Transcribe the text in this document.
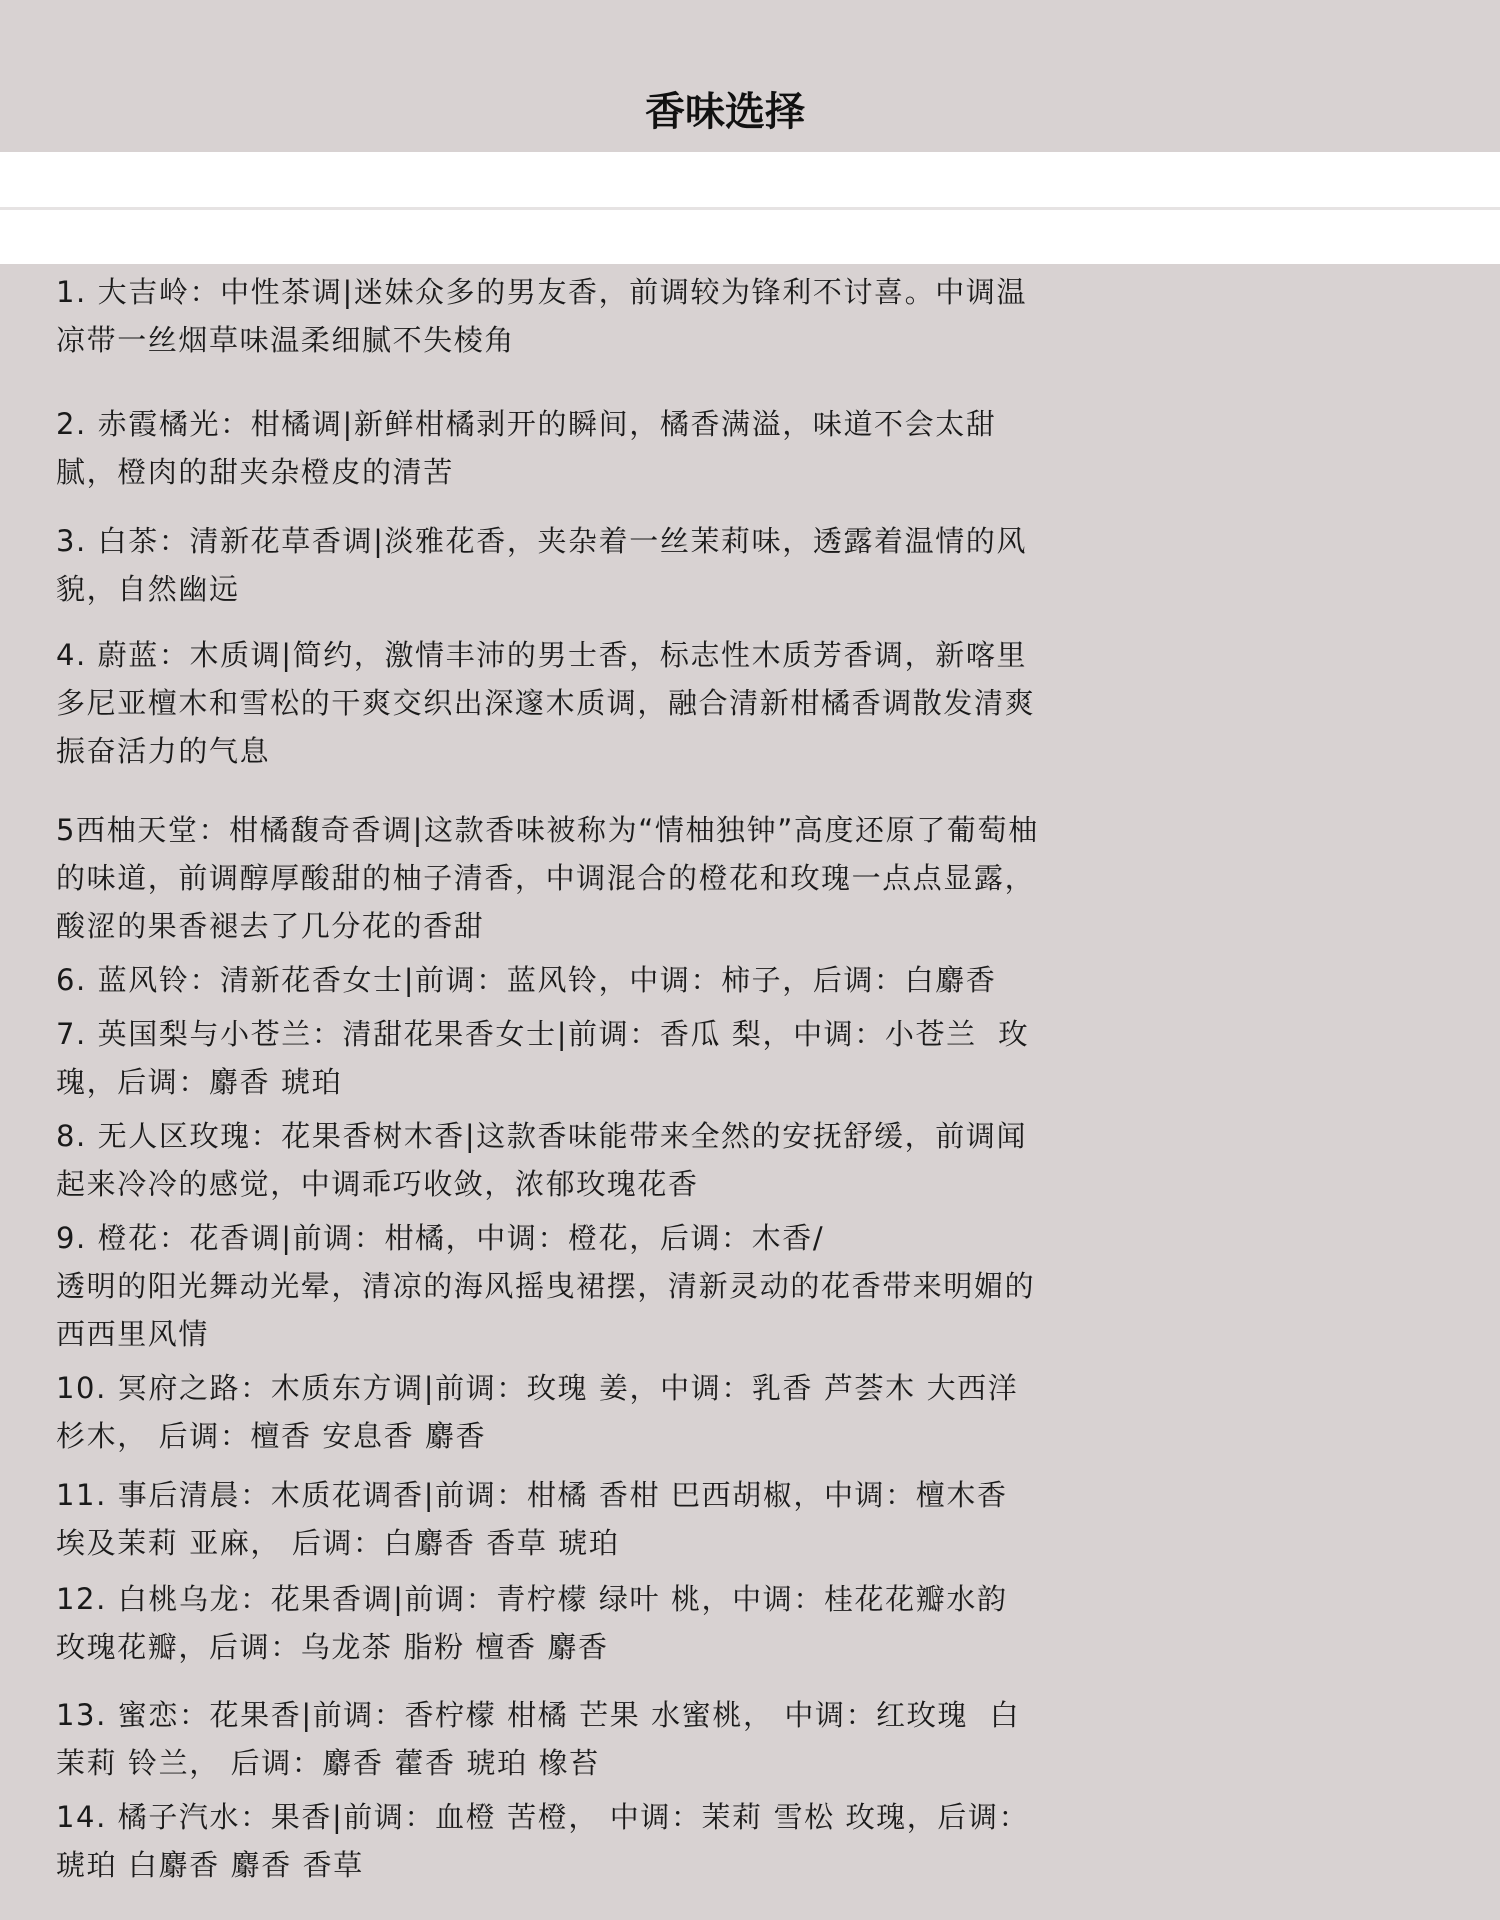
香味选择
1. 大吉岭：中性茶调|迷妹众多的男友香，前调较为锋利不讨喜。中调温凉带一丝烟草味温柔细腻不失棱角
2. 赤霞橘光：柑橘调|新鲜柑橘剥开的瞬间，橘香满溢，味道不会太甜腻，橙肉的甜夹杂橙皮的清苦
3. 白茶：清新花草香调|淡雅花香，夹杂着一丝茉莉味，透露着温情的风貌，自然幽远
4. 蔚蓝：木质调|简约，激情丰沛的男士香，标志性木质芳香调，新喀里多尼亚檀木和雪松的干爽交织出深邃木质调，融合清新柑橘香调散发清爽振奋活力的气息
5西柚天堂：柑橘馥奇香调|这款香味被称为“情柚独钟”高度还原了葡萄柚的味道，前调醇厚酸甜的柚子清香，中调混合的橙花和玫瑰一点点显露，酸涩的果香褪去了几分花的香甜
6. 蓝风铃：清新花香女士|前调：蓝风铃，中调：柿子，后调：白麝香
7. 英国梨与小苍兰：清甜花果香女士|前调：香瓜 梨，中调：小苍兰  玫瑰，后调：麝香 琥珀
8. 无人区玫瑰：花果香树木香|这款香味能带来全然的安抚舒缓，前调闻起来冷冷的感觉，中调乖巧收敛，浓郁玫瑰花香
9. 橙花：花香调|前调：柑橘，中调：橙花，后调：木香/
透明的阳光舞动光晕，清凉的海风摇曳裙摆，清新灵动的花香带来明媚的西西里风情
10. 冥府之路：木质东方调|前调：玫瑰 姜，中调：乳香 芦荟木 大西洋杉木， 后调：檀香 安息香 麝香
11. 事后清晨：木质花调香|前调：柑橘 香柑 巴西胡椒，中调：檀木香 埃及茉莉 亚麻， 后调：白麝香 香草 琥珀
12. 白桃乌龙：花果香调|前调：青柠檬 绿叶 桃，中调：桂花花瓣水韵 玫瑰花瓣，后调：乌龙茶 脂粉 檀香 麝香
13. 蜜恋：花果香|前调：香柠檬 柑橘 芒果 水蜜桃， 中调：红玫瑰  白茉莉 铃兰， 后调：麝香 藿香 琥珀 橡苔
14. 橘子汽水：果香|前调：血橙 苦橙， 中调：茉莉 雪松 玫瑰，后调：琥珀 白麝香 麝香 香草
